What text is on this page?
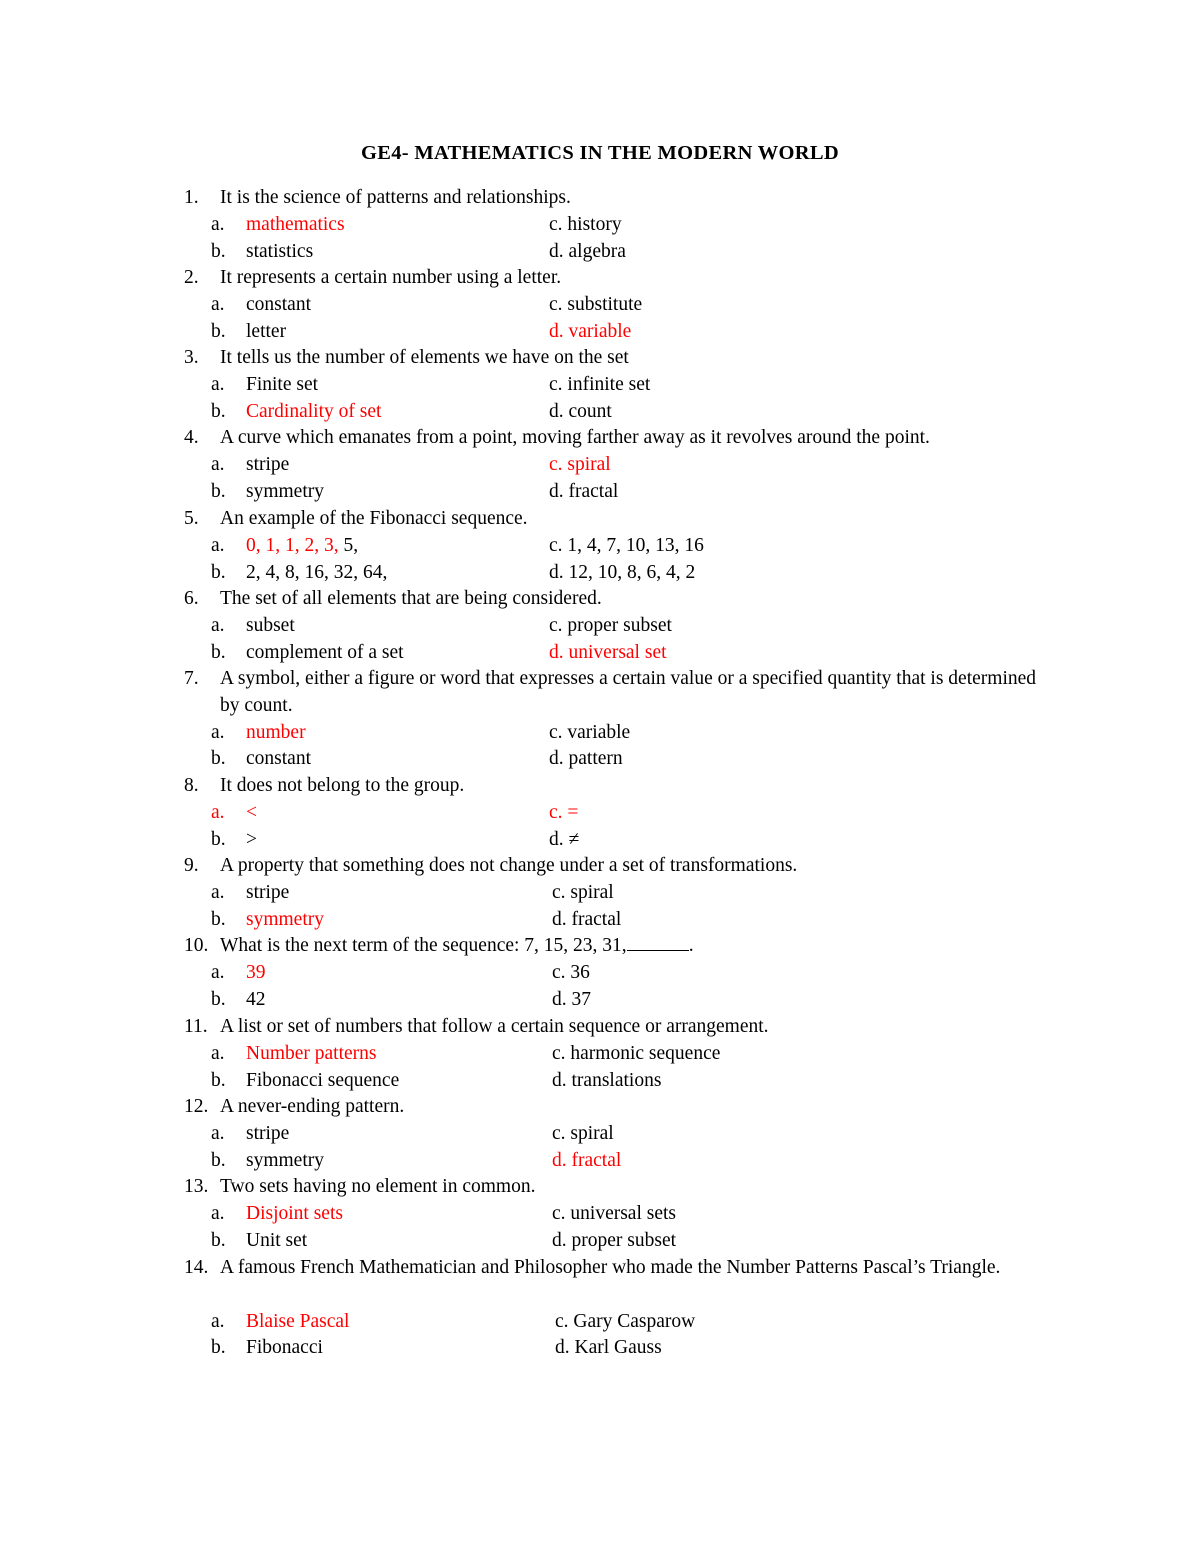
GE4- MATHEMATICS IN THE MODERN WORLD
1. It is the science of patterns and relationships.
a. mathematics
b. statistics
c. history
d. algebra
2. It represents a certain number using a letter.
a. constant
b. letter
c. substitute
d. variable
3. It tells us the number of elements we have on the set
a. Finite set
b. Cardinality of set
c. infinite set
d. count
4. A curve which emanates from a point, moving farther away as it revolves around the point.
a. stripe
b. symmetry
c. spiral
d. fractal
5. An example of the Fibonacci sequence.
a. 0, 1, 1, 2, 3, 5,
b. 2, 4, 8, 16, 32, 64,
c. 1, 4, 7, 10, 13, 16
d. 12, 10, 8, 6, 4, 2
6. The set of all elements that are being considered.
a. subset
b. complement of a set
c. proper subset
d. universal set
7. A symbol, either a figure or word that expresses a certain value or a specified quantity that is determined by count.
a. number
b. constant
c. variable
d. pattern
8. It does not belong to the group.
a. <
b. >
c. =
d. ≠
9. A property that something does not change under a set of transformations.
a. stripe
b. symmetry
c. spiral
d. fractal
10. What is the next term of the sequence: 7, 15, 23, 31,	.
a. 39
b. 42
c. 36
d. 37
11. A list or set of numbers that follow a certain sequence or arrangement.
a. Number patterns
b. Fibonacci sequence
c. harmonic sequence
d. translations
12. A never-ending pattern.
a. stripe
b. symmetry
c. spiral
d. fractal
13. Two sets having no element in common.
a. Disjoint sets
b. Unit set
c. universal sets
d. proper subset
14. A famous French Mathematician and Philosopher who made the Number Patterns Pascal’s Triangle.
a. Blaise Pascal
b. Fibonacci
c. Gary Casparow
d. Karl Gauss
